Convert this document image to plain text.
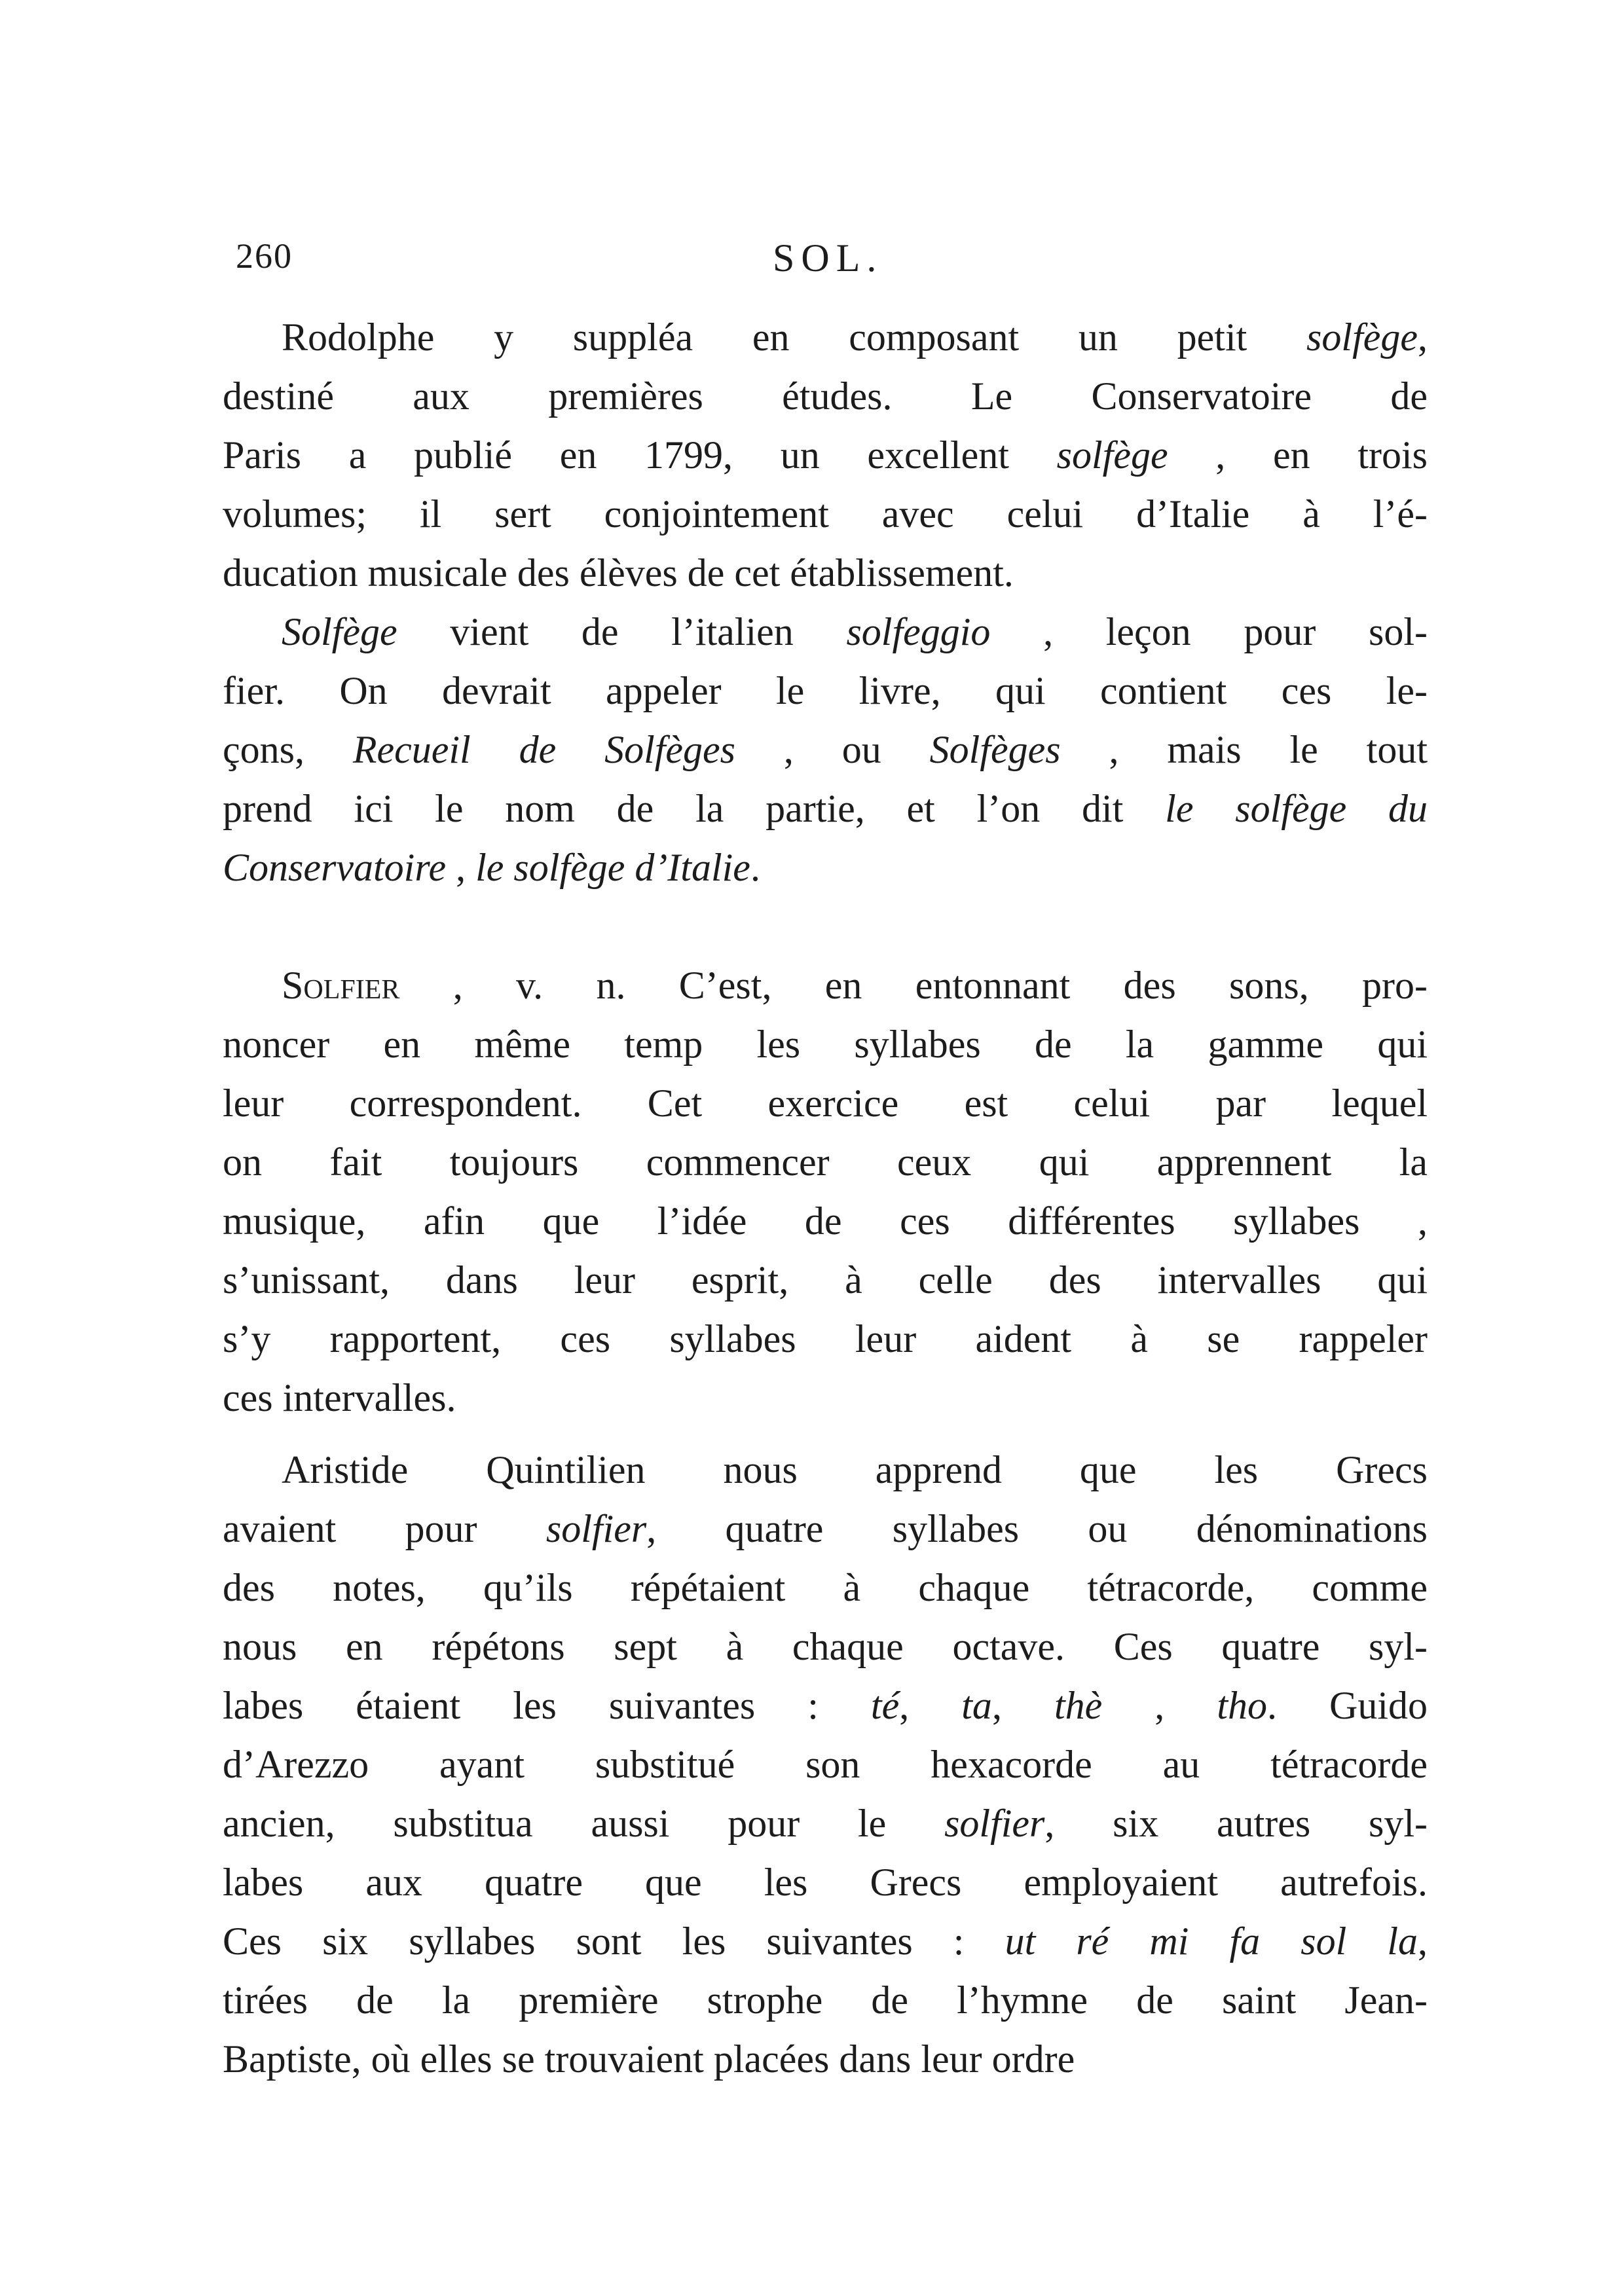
260	SOL.
Rodolphe y suppléa en composant un petit solfège,
destiné aux premières études. Le Conservatoire de
Paris a publié en 1799, un excellent solfège , en trois
volumes; il sert conjointement avec celui d’Italie à l’é-
ducation musicale des élèves de cet établissement.
Solfège vient de l’italien solfeggio , leçon pour sol-
fier. On devrait appeler le livre, qui contient ces le-
çons, Recueil de Solfèges , ou Solfèges , mais le tout
prend ici le nom de la partie, et l’on dit le solfège du
Conservatoire , le solfège d’Italie.
Solfier , v. n. C’est, en entonnant des sons, pro-
noncer en même temp les syllabes de la gamme qui
leur correspondent. Cet exercice est celui par lequel
on fait toujours commencer ceux qui apprennent la
musique, afin que l’idée de ces différentes syllabes ,
s’unissant, dans leur esprit, à celle des intervalles qui
s’y rapportent, ces syllabes leur aident à se rappeler
ces intervalles.
Aristide Quintilien nous apprend que les Grecs
avaient pour solfier, quatre syllabes ou dénominations
des notes, qu’ils répétaient à chaque tétracorde, comme
nous en répétons sept à chaque octave. Ces quatre syl-
labes étaient les suivantes : té, ta, thè , tho. Guido
d’Arezzo ayant substitué son hexacorde au tétracorde
ancien, substitua aussi pour le solfier, six autres syl-
labes aux quatre que les Grecs employaient autrefois.
Ces six syllabes sont les suivantes : ut ré mi fa sol la,
tirées de la première strophe de l’hymne de saint Jean-
Baptiste, où elles se trouvaient placées dans leur ordre
